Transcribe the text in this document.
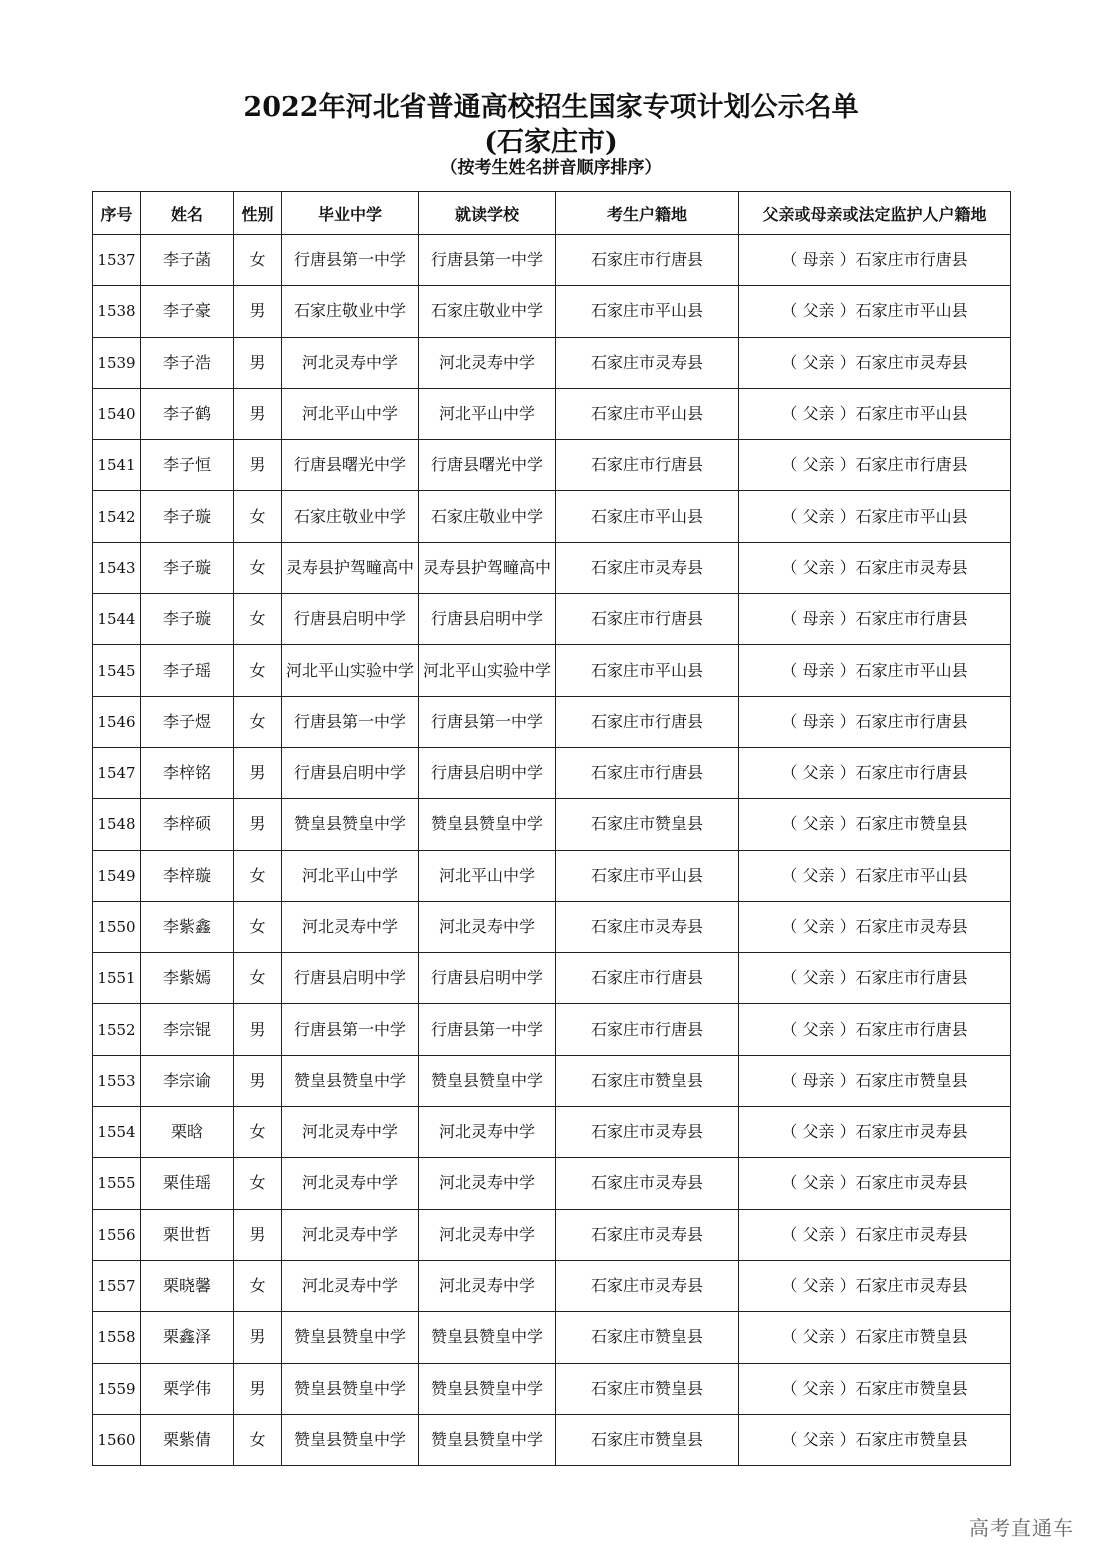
2022年河北省普通高校招生国家专项计划公示名单
(石家庄市)
（按考生姓名拼音顺序排序）
序号	姓名	性别	毕业中学	就读学校	考生户籍地	父亲或母亲或法定监护人户籍地
1537	李子菡	女	行唐县第一中学	行唐县第一中学	石家庄市行唐县	（ 母亲 ）石家庄市行唐县
1538	李子豪	男	石家庄敬业中学	石家庄敬业中学	石家庄市平山县	（ 父亲 ）石家庄市平山县
1539	李子浩	男	河北灵寿中学	河北灵寿中学	石家庄市灵寿县	（ 父亲 ）石家庄市灵寿县
1540	李子鹤	男	河北平山中学	河北平山中学	石家庄市平山县	（ 父亲 ）石家庄市平山县
1541	李子恒	男	行唐县曙光中学	行唐县曙光中学	石家庄市行唐县	（ 父亲 ）石家庄市行唐县
1542	李子璇	女	石家庄敬业中学	石家庄敬业中学	石家庄市平山县	（ 父亲 ）石家庄市平山县
1543	李子璇	女	灵寿县护驾疃高中	灵寿县护驾疃高中	石家庄市灵寿县	（ 父亲 ）石家庄市灵寿县
1544	李子璇	女	行唐县启明中学	行唐县启明中学	石家庄市行唐县	（ 母亲 ）石家庄市行唐县
1545	李子瑶	女	河北平山实验中学	河北平山实验中学	石家庄市平山县	（ 母亲 ）石家庄市平山县
1546	李子煜	女	行唐县第一中学	行唐县第一中学	石家庄市行唐县	（ 母亲 ）石家庄市行唐县
1547	李梓铭	男	行唐县启明中学	行唐县启明中学	石家庄市行唐县	（ 父亲 ）石家庄市行唐县
1548	李梓硕	男	赞皇县赞皇中学	赞皇县赞皇中学	石家庄市赞皇县	（ 父亲 ）石家庄市赞皇县
1549	李梓璇	女	河北平山中学	河北平山中学	石家庄市平山县	（ 父亲 ）石家庄市平山县
1550	李紫鑫	女	河北灵寿中学	河北灵寿中学	石家庄市灵寿县	（ 父亲 ）石家庄市灵寿县
1551	李紫嫣	女	行唐县启明中学	行唐县启明中学	石家庄市行唐县	（ 父亲 ）石家庄市行唐县
1552	李宗锟	男	行唐县第一中学	行唐县第一中学	石家庄市行唐县	（ 父亲 ）石家庄市行唐县
1553	李宗谕	男	赞皇县赞皇中学	赞皇县赞皇中学	石家庄市赞皇县	（ 母亲 ）石家庄市赞皇县
1554	栗晗	女	河北灵寿中学	河北灵寿中学	石家庄市灵寿县	（ 父亲 ）石家庄市灵寿县
1555	栗佳瑶	女	河北灵寿中学	河北灵寿中学	石家庄市灵寿县	（ 父亲 ）石家庄市灵寿县
1556	栗世哲	男	河北灵寿中学	河北灵寿中学	石家庄市灵寿县	（ 父亲 ）石家庄市灵寿县
1557	栗晓馨	女	河北灵寿中学	河北灵寿中学	石家庄市灵寿县	（ 父亲 ）石家庄市灵寿县
1558	栗鑫泽	男	赞皇县赞皇中学	赞皇县赞皇中学	石家庄市赞皇县	（ 父亲 ）石家庄市赞皇县
1559	栗学伟	男	赞皇县赞皇中学	赞皇县赞皇中学	石家庄市赞皇县	（ 父亲 ）石家庄市赞皇县
1560	栗紫倩	女	赞皇县赞皇中学	赞皇县赞皇中学	石家庄市赞皇县	（ 父亲 ）石家庄市赞皇县
高考直通车
